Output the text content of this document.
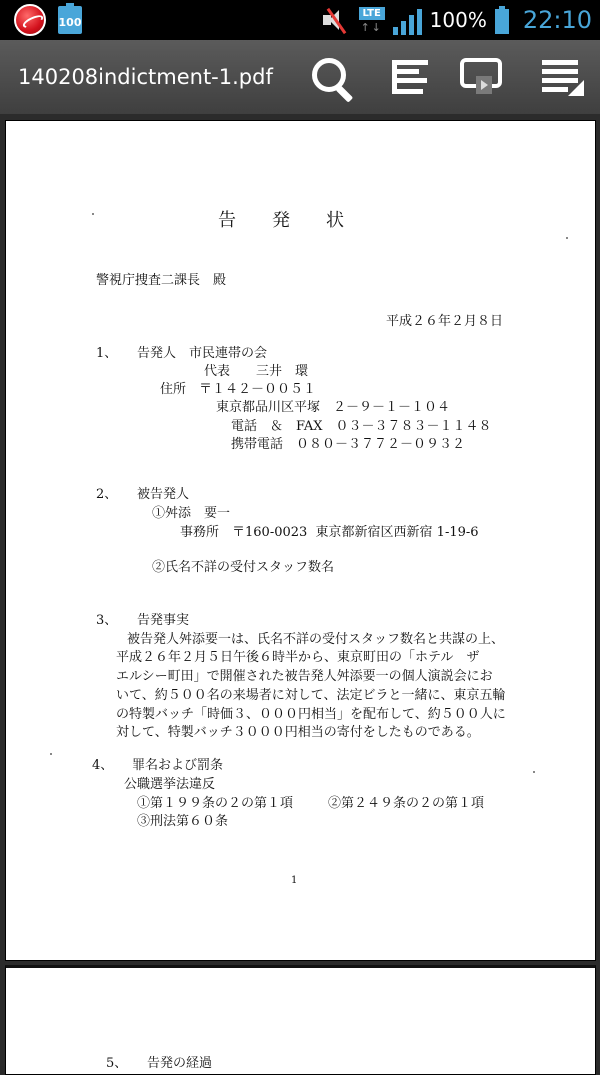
100
LTE
↑ ↓ 100% 22:10
140208indictment-1.pdf
告　　発　　状
警視庁捜査二課長　殿
平成２６年２月８日
1、 告発人　市民連帯の会
代表　　三井　環
住所　〒１４２－００５１
東京都品川区平塚　２－９－１－１０４
電話　＆　FAX　０３－３７８３－１１４８
携帯電話　０８０－３７７２－０９３２
2、 被告発人
①舛添　要一
事務所　〒160-0023  東京都新宿区西新宿 1-19-6
②氏名不詳の受付スタッフ数名
3、 告発事実
被告発人舛添要一は、氏名不詳の受付スタッフ数名と共謀の上、
平成２６年２月５日午後６時半から、東京町田の「ホテル　ザ
エルシー町田」で開催された被告発人舛添要一の個人演説会にお
いて、約５００名の来場者に対して、法定ビラと一緒に、東京五輪
の特製バッチ「時価３、０００円相当」を配布して、約５００人に
対して、特製バッチ３０００円相当の寄付をしたものである。
4、 罪名および罰条
公職選挙法違反
①第１９９条の２の第１項	②第２４９条の２の第１項
③刑法第６０条
1
5、 告発の経過
